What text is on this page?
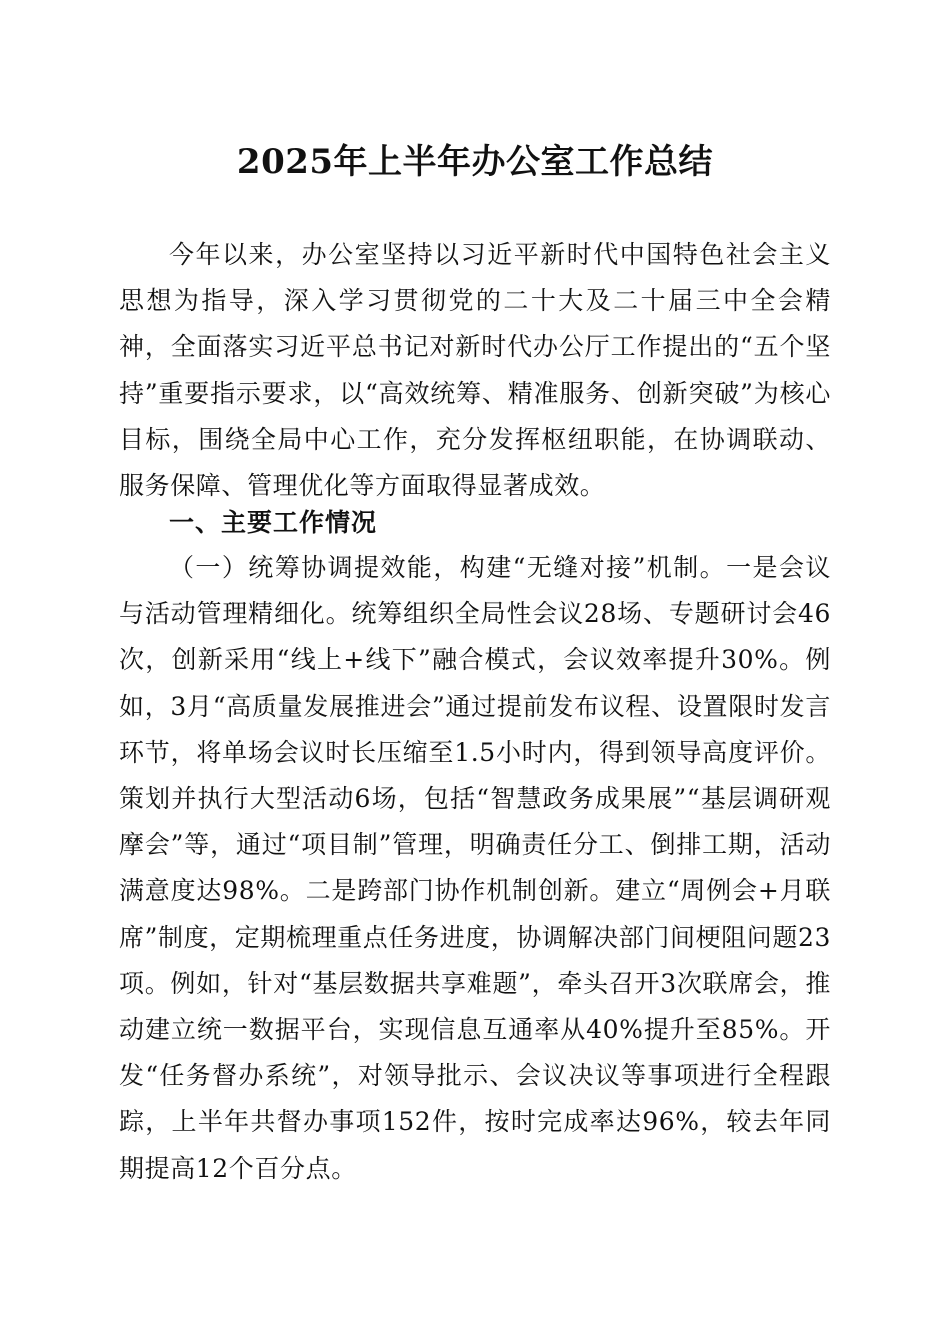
2025年上半年办公室工作总结
今年以来，办公室坚持以习近平新时代中国特色社会主义思想为指导，深入学习贯彻党的二十大及二十届三中全会精神，全面落实习近平总书记对新时代办公厅工作提出的“五个坚持”重要指示要求，以“高效统筹、精准服务、创新突破”为核心目标，围绕全局中心工作，充分发挥枢纽职能，在协调联动、服务保障、管理优化等方面取得显著成效。
一、主要工作情况
（一）统筹协调提效能，构建“无缝对接”机制。一是会议与活动管理精细化。统筹组织全局性会议28场、专题研讨会46次，创新采用“线上+线下”融合模式，会议效率提升30%。例如，3月“高质量发展推进会”通过提前发布议程、设置限时发言环节，将单场会议时长压缩至1.5小时内，得到领导高度评价。策划并执行大型活动6场，包括“智慧政务成果展”“基层调研观摩会”等，通过“项目制”管理，明确责任分工、倒排工期，活动满意度达98%。二是跨部门协作机制创新。建立“周例会+月联席”制度，定期梳理重点任务进度，协调解决部门间梗阻问题23项。例如，针对“基层数据共享难题”，牵头召开3次联席会，推动建立统一数据平台，实现信息互通率从40%提升至85%。开发“任务督办系统”，对领导批示、会议决议等事项进行全程跟踪，上半年共督办事项152件，按时完成率达96%，较去年同期提高12个百分点。
